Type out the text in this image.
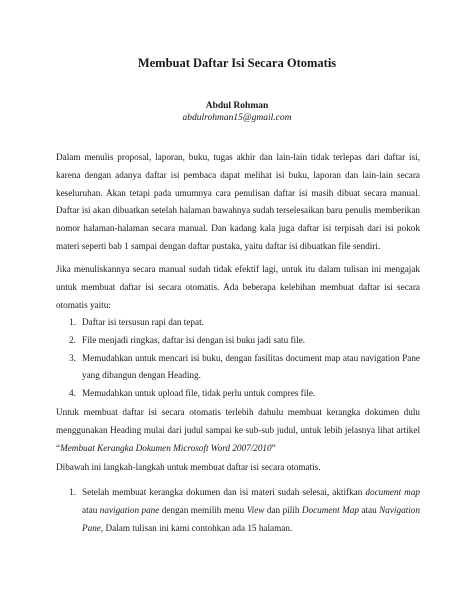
Membuat Daftar Isi Secara Otomatis
Abdul Rohman
abdulrohman15@gmail.com

Dalam menulis proposal, laporan, buku, tugas akhir dan lain-lain tidak terlepas dari daftar isi, karena dengan adanya daftar isi pembaca dapat melihat isi buku, laporan dan lain-lain secara keseluruhan. Akan tetapi pada umumnya cara penulisan daftar isi masih dibuat secara manual. Daftar isi akan dibuatkan setelah halaman bawahnya sudah terselesaikan baru penulis memberikan nomor halaman-halaman secara manual. Dan kadang kala juga daftar isi terpisah dari isi pokok materi seperti bab 1 sampai dengan daftar pustaka, yaitu daftar isi dibuatkan file sendiri.

Jika menuliskannya secara manual sudah tidak efektif lagi, untuk itu dalam tulisan ini mengajak untuk membuat daftar isi secara otomatis. Ada beberapa kelebihan membuat daftar isi secara otomatis yaitu:

1. Daftar isi tersusun rapi dan tepat.
2. File menjadi ringkas, daftar isi dengan isi buku jadi satu file.
3. Memudahkan untuk mencari isi buku, dengan fasilitas document map atau navigation Pane yang dibangun dengan Heading.
4. Memudahkan untuk upload file, tidak perlu untuk compres file.

Untuk membuat daftar isi secara otomatis terlebih dahulu membuat kerangka dokumen dulu menggunakan Heading mulai dari judul sampai ke sub-sub judul, untuk lebih jelasnya lihat artikel “Membuat Kerangka Dokumen Microsoft Word 2007/2010”

Dibawah ini langkah-langkah untuk membuat daftar isi secara otomatis.

1. Setelah membuat kerangka dokumen dan isi materi sudah selesai, aktifkan document map atau navigation pane dengan memilih menu View dan pilih Document Map atau Navigation Pane, Dalam tulisan ini kami contohkan ada 15 halaman.
